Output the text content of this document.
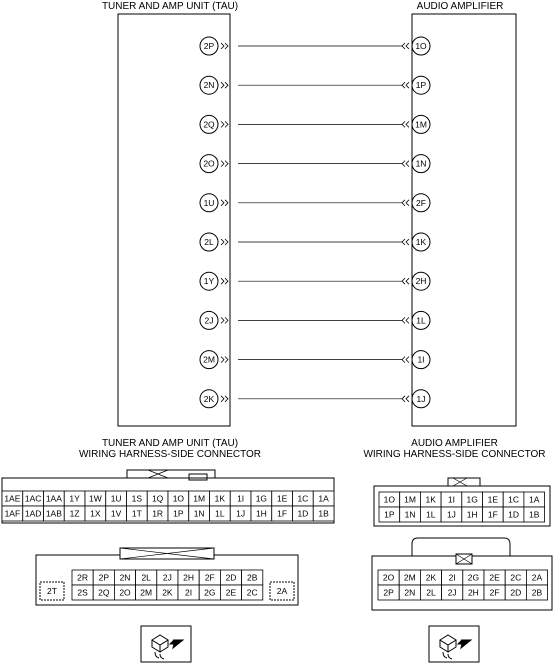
TUNER AND AMP UNIT (TAU)	AUDIO AMPLIFIER
TUNER AND AMP UNIT (TAU)
WIRING HARNESS-SIDE CONNECTOR
AUDIO AMPLIFIER
WIRING HARNESS-SIDE CONNECTOR
2P	1O
2N	1P
2Q	1M
2O	1N
1U	2F
2L	1K
1Y	2H
2J	1L
2M	1I
2K	1J
1AE 1AC 1AA 1Y 1W 1U 1S 1Q 1O 1M 1K 1I 1G 1E 1C 1A
1AF 1AD 1AB 1Z 1X 1V 1T 1R 1P 1N 1L 1J 1H 1F 1D 1B
2T	2A
2R 2P 2N 2L 2J 2H 2F 2D 2B
2S 2Q 2O 2M 2K 2I 2G 2E 2C
1O 1M 1K 1I 1G 1E 1C 1A
1P 1N 1L 1J 1H 1F 1D 1B
2O 2M 2K 2I 2G 2E 2C 2A
2P 2N 2L 2J 2H 2F 2D 2B
